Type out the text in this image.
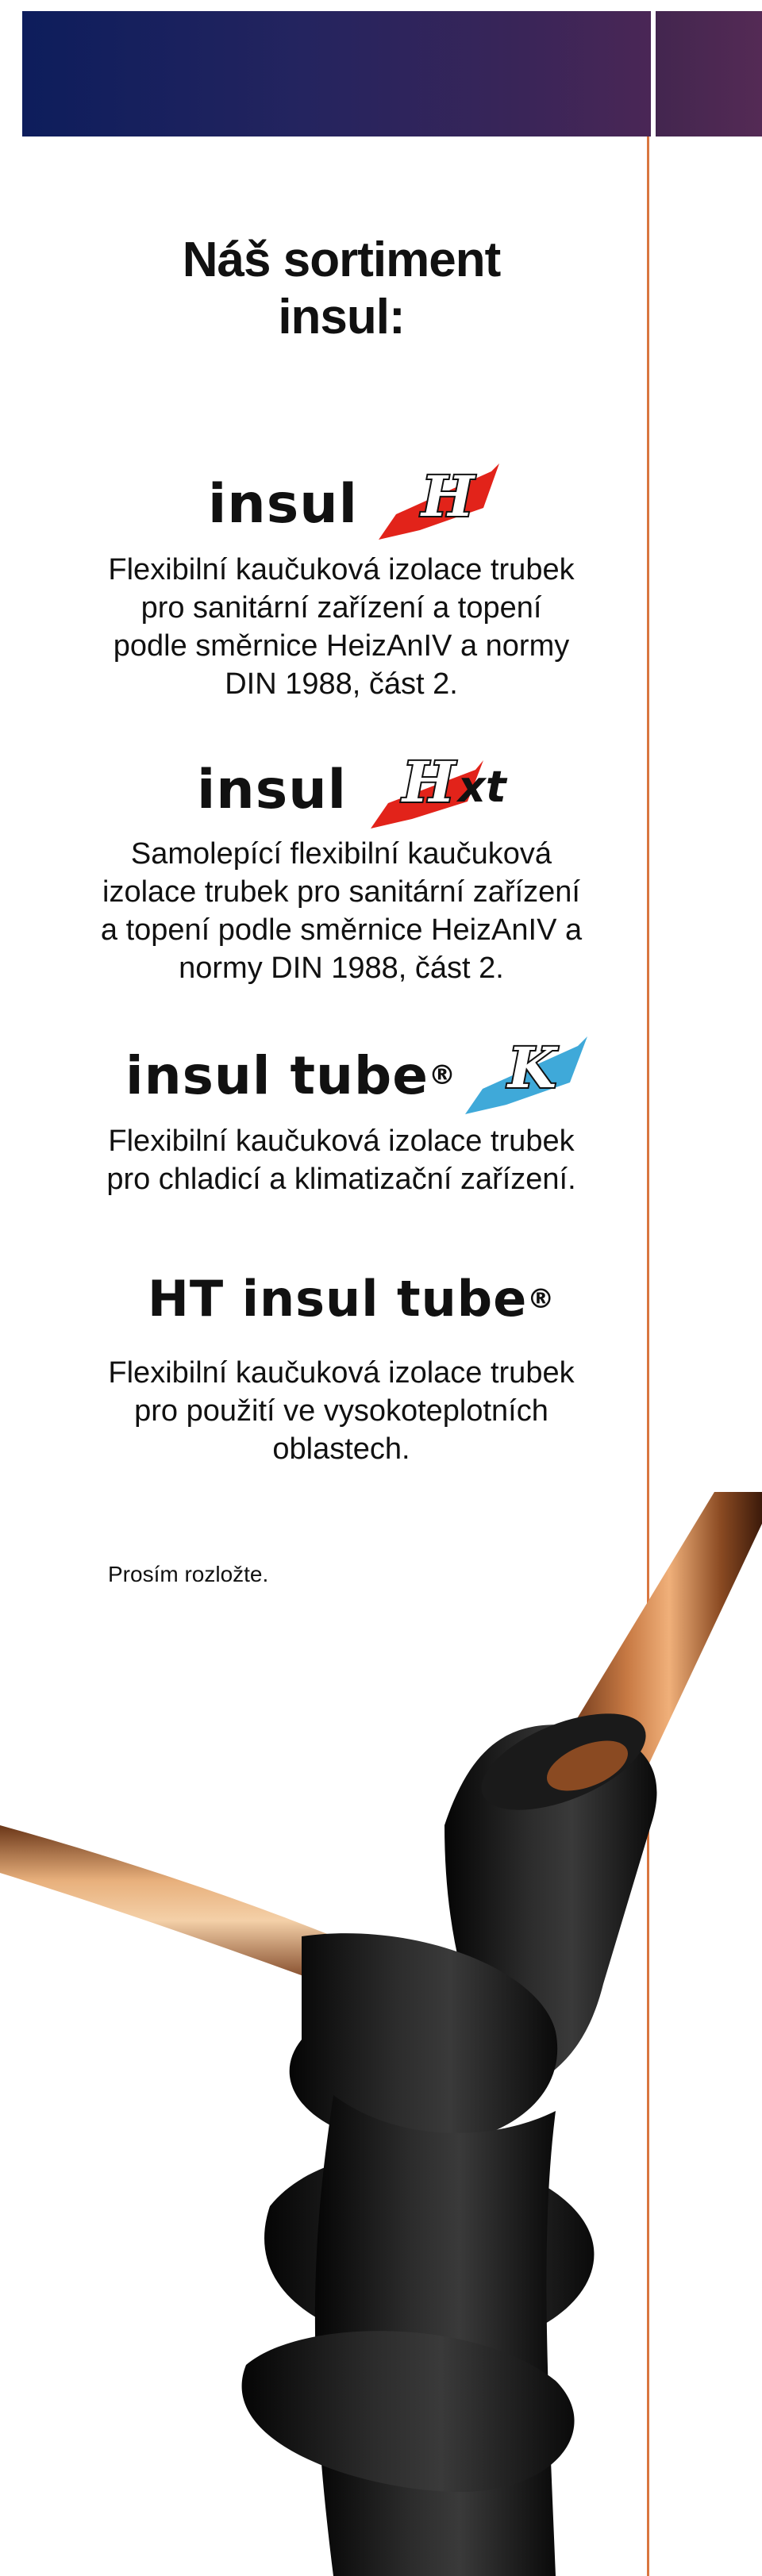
Náš sortiment
insul:
insul H
Flexibilní kaučuková izolace trubek
pro sanitární zařízení a topení
podle směrnice HeizAnIV a normy
DIN 1988, část 2.
insul H xt
Samolepící flexibilní kaučuková
izolace trubek pro sanitární zařízení
a topení podle směrnice HeizAnIV a
normy DIN 1988, část 2.
insul tube ® K
Flexibilní kaučuková izolace trubek
pro chladicí a klimatizační zařízení.
HT insul tube ®
Flexibilní kaučuková izolace trubek
pro použití ve vysokoteplotních
oblastech.
Prosím rozložte.
